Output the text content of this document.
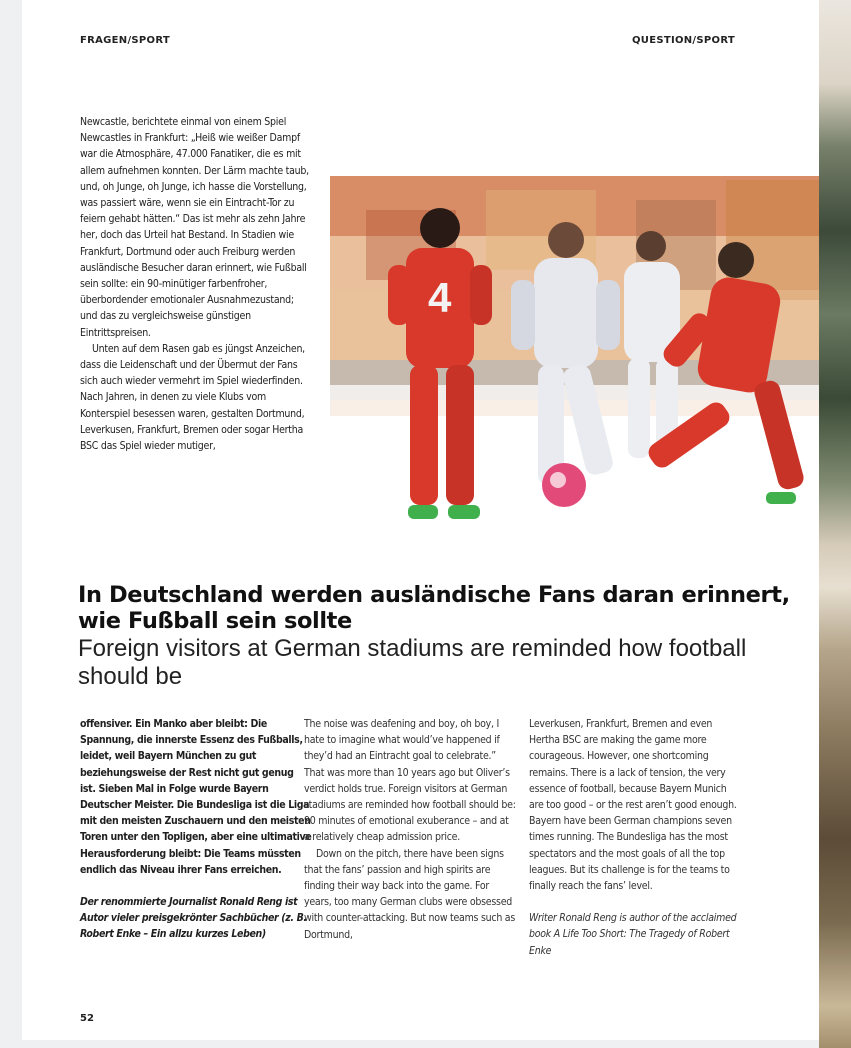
FRAGEN/SPORT	QUESTION/SPORT

Newcastle, berichtete einmal von einem Spiel Newcastles in Frankfurt: „Heiß wie weißer Dampf war die Atmosphäre, 47.000 Fanatiker, die es mit allem aufnehmen konnten. Der Lärm machte taub, und, oh Junge, oh Junge, ich hasse die Vorstellung, was passiert wäre, wenn sie ein Eintracht-Tor zu feiern gehabt hätten.“ Das ist mehr als zehn Jahre her, doch das Urteil hat Bestand. In Stadien wie Frankfurt, Dortmund oder auch Freiburg werden ausländische Besucher daran erinnert, wie Fußball sein sollte: ein 90-minütiger farbenfroher, überbordender emotionaler Ausnahmezustand; und das zu vergleichsweise günstigen Eintrittspreisen.

Unten auf dem Rasen gab es jüngst Anzeichen, dass die Leidenschaft und der Übermut der Fans sich auch wieder vermehrt im Spiel wiederfinden. Nach Jahren, in denen zu viele Klubs vom Konterspiel besessen waren, gestalten Dortmund, Leverkusen, Frankfurt, Bremen oder sogar Hertha BSC das Spiel wieder mutiger,

4
In Deutschland werden ausländische Fans daran erinnert, wie Fußball sein sollte
Foreign visitors at German stadiums are reminded how football should be

offensiver. Ein Manko aber bleibt: Die Spannung, die innerste Essenz des Fußballs, leidet, weil Bayern München zu gut beziehungsweise der Rest nicht gut genug ist. Sieben Mal in Folge wurde Bayern Deutscher Meister. Die Bundesliga ist die Liga mit den meisten Zuschauern und den meisten Toren unter den Topligen, aber eine ultimative Herausforderung bleibt: Die Teams müssten endlich das Niveau ihrer Fans erreichen.

Der renommierte Journalist Ronald Reng ist Autor vieler preisgekrönter Sachbücher (z. B. Robert Enke – Ein allzu kurzes Leben)

The noise was deafening and boy, oh boy, I hate to imagine what would’ve happened if they’d had an Eintracht goal to celebrate.” That was more than 10 years ago but Oliver’s verdict holds true. Foreign visitors at German stadiums are reminded how football should be: 90 minutes of emotional exuberance – and at a relatively cheap admission price.

Down on the pitch, there have been signs that the fans’ passion and high spirits are finding their way back into the game. For years, too many German clubs were obsessed with counter-attacking. But now teams such as Dortmund,

Leverkusen, Frankfurt, Bremen and even Hertha BSC are making the game more courageous. However, one shortcoming remains. There is a lack of tension, the very essence of football, because Bayern Munich are too good – or the rest aren’t good enough. Bayern have been German champions seven times running. The Bundesliga has the most spectators and the most goals of all the top leagues. But its challenge is for the teams to finally reach the fans’ level.

Writer Ronald Reng is author of the acclaimed book A Life Too Short: The Tragedy of Robert Enke

52
